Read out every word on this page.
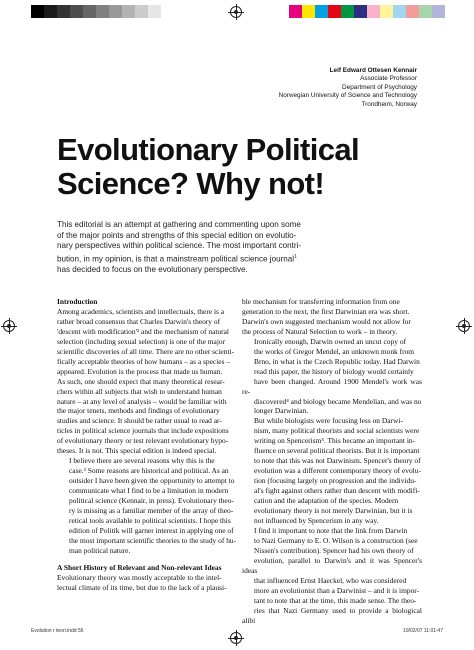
Leif Edward Ottesen Kennair
Associate Professor
Department of Psychology
Norwegian University of Science and Technology
Trondheim, Norway
Evolutionary Political
Science? Why not!
This editorial is an attempt at gathering and commenting upon some
of the major points and strengths of this special edition on evolutio-
nary perspectives within political science. The most important contri-
bution, in my opinion, is that a mainstream political science journal$^1$
has decided to focus on the evolutionary perspective.

Introduction

Among academics, scientists and intellectuals, there is a
rather broad consensus that Charles Darwin's theory of
'descent with modification'² and the mechanism of natural
selection (including sexual selection) is one of the major
scientific discoveries of all time. There are no other scienti-
fically acceptable theories of how humans – as a species –
appeared. Evolution is the process that made us human.
As such, one should expect that many theoretical resear-
chers within all subjects that wish to understand human
nature – at any level of analysis – would be familiar with
the major tenets, methods and findings of evolutionary
studies and science. It should be rather usual to read ar-
ticles in political science journals that include expositions
of evolutionary theory or test relevant evolutionary hypo-
theses. It is not. This special edition is indeed special.

I believe there are several reasons why this is the
case.³ Some reasons are historical and political. As an
outsider I have been given the opportunity to attempt to
communicate what I find to be a limitation in modern
political science (Kennair, in press). Evolutionary theo-
ry is missing as a familiar member of the array of theo-
retical tools available to political scientists. I hope this
edition of Politik will garner interest in applying one of
the most important scientific theories to the study of hu-
man political nature.

A Short History of Relevant and Non-relevant Ideas

Evolutionary theory was mostly acceptable to the intel-
lectual climate of its time, but due to the lack of a plausi-

ble mechanism for transferring information from one
generation to the next, the first Darwinian era was short.
Darwin's own suggested mechanism would not allow for
the process of Natural Selection to work – in theory.

Ironically enough, Darwin owned an uncut copy of
the works of Gregor Mendel, an unknown monk from
Brno, in what is the Czech Republic today. Had Darwin
read this paper, the history of biology would certainly
have been changed. Around 1900 Mendel's work was re-
discovered⁴ and biology became Mendelian, and was no
longer Darwinian.

But while biologists were focusing less on Darwi-
nism, many political theorists and social scientists were
writing on Spencerism⁵. This became an important in-
fluence on several political theorists. But it is important
to note that this was not Darwinism. Spencer's theory of
evolution was a different contemporary theory of evolu-
tion (focusing largely on progression and the individu-
al's fight against others rather than descent with modifi-
cation and the adaptation of the species. Modern
evolutionary theory is not merely Darwinian, but it is
not influenced by Spencerism in any way.

I find it important to note that the link from Darwin
to Nazi Germany to E. O. Wilson is a construction (see
Nissen's contribution). Spencer had his own theory of
evolution, parallel to Darwin's and it was Spencer's ideas
that influenced Ernst Haeckel, who was considered
more an evolutionist than a Darwinist – and it is impor-
tant to note that at the time, this made sense. The theo-
ries that Nazi Germany used to provide a biological alibi

Evolution r teori.indd 56	19/02/07 11:01:47
